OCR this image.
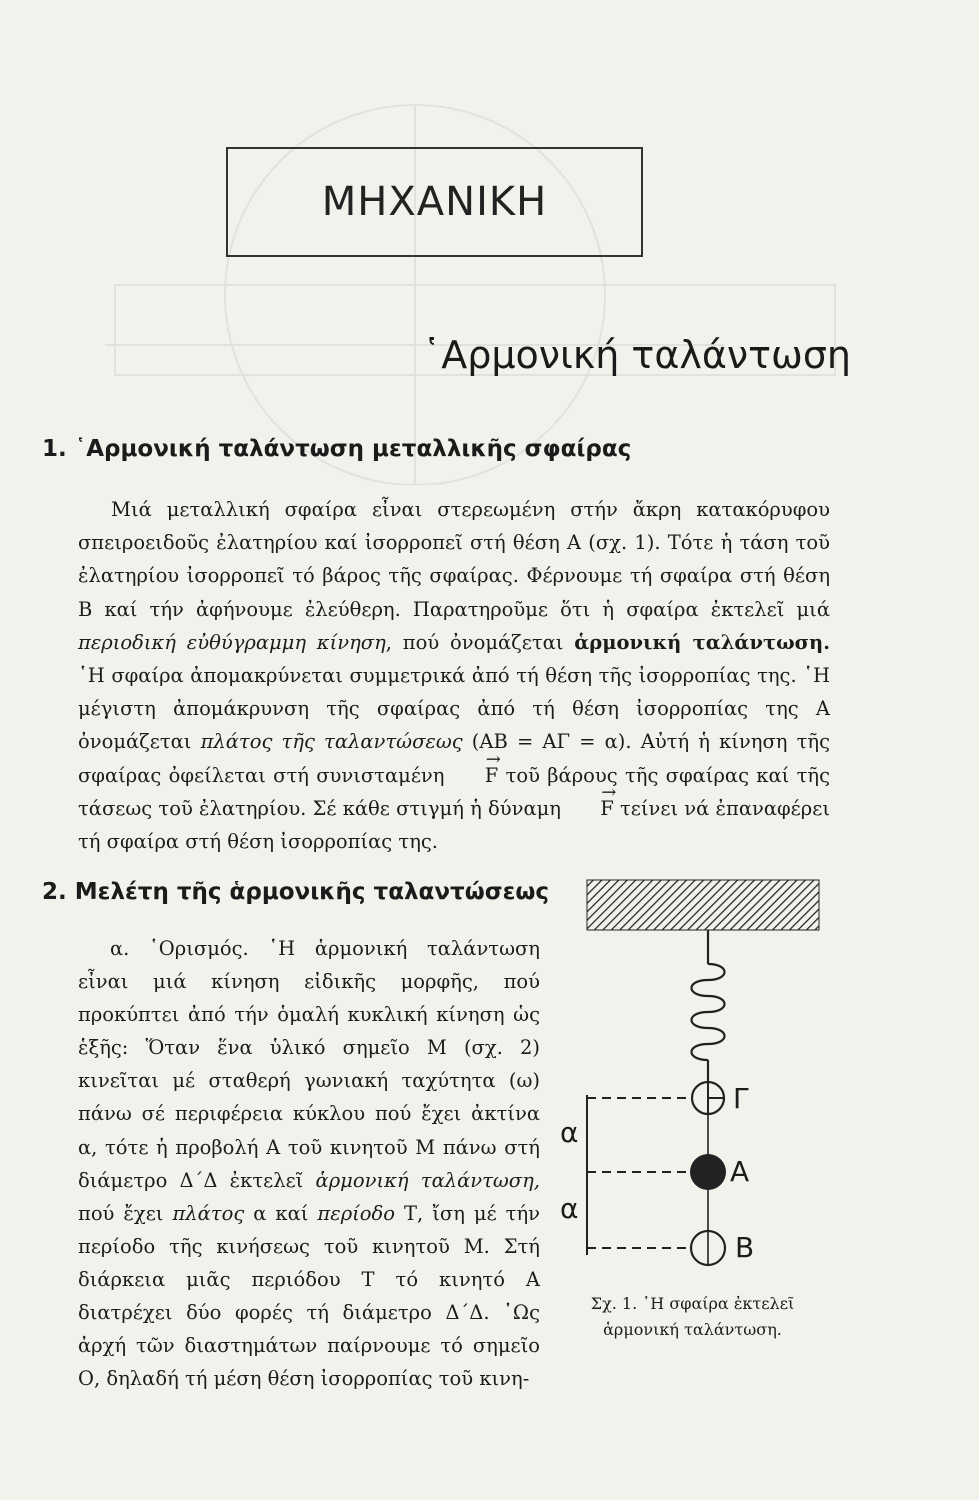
ΜΗΧΑΝΙΚΗ
῾Αρμονική ταλάντωση
1. ῾Αρμονική ταλάντωση μεταλλικῆς σφαίρας

Μιά μεταλλική σφαίρα εἶναι στερεωμένη στήν ἄκρη κατακόρυφου σπειροειδοῦς ἐλατηρίου καί ἰσορροπεῖ στή θέση Α (σχ. 1). Τότε ἡ τάση τοῦ ἐλατηρίου ἰσορροπεῖ τό βάρος τῆς σφαίρας. Φέρνουμε τή σφαίρα στή θέση Β καί τήν ἀφήνουμε ἐλεύθερη. Παρατηροῦμε ὅτι ἡ σφαίρα ἐκτελεῖ μιά περιοδική εὐθύγραμμη κίνηση, πού ὀνομάζεται ἁρμονική ταλάντωση. ῾Η σφαίρα ἀπομακρύνεται συμμετρικά ἀπό τή θέση τῆς ἰσορροπίας της. ῾Η μέγιστη ἀπομάκρυνση τῆς σφαίρας ἀπό τή θέση ἰσορροπίας της Α ὀνομάζεται πλάτος τῆς ταλαντώσεως (ΑΒ = ΑΓ = α). Αὐτή ἡ κίνηση τῆς σφαίρας ὀφείλεται στή συνισταμένη → F τοῦ βάρους τῆς σφαίρας καί τῆς τάσεως τοῦ ἐλατηρίου. Σέ κάθε στιγμή ἡ δύναμη → F τείνει νά ἐπαναφέρει τή σφαίρα στή θέση ἰσορροπίας της.

2. Μελέτη τῆς ἁρμονικῆς ταλαντώσεως

α. ῾Ορισμός. ῾Η ἁρμονική ταλάντωση εἶναι μιά κίνηση εἰδικῆς μορφῆς, πού προκύπτει ἀπό τήν ὁμαλή κυκλική κίνηση ὡς ἑξῆς: Ὅταν ἕνα ὑλικό σημεῖο Μ (σχ. 2) κινεῖται μέ σταθερή γωνιακή ταχύτητα (ω) πάνω σέ περιφέρεια κύκλου πού ἔχει ἀκτίνα α, τότε ἡ προβολή Α τοῦ κινητοῦ Μ πάνω στή διάμετρο Δ΄Δ ἐκτελεῖ ἁρμονική ταλάντωση, πού ἔχει πλάτος α καί περίοδο Τ, ἴση μέ τήν περίοδο τῆς κινήσεως τοῦ κινητοῦ Μ. Στή διάρκεια μιᾶς περιόδου Τ τό κινητό Α διατρέχει δύο φορές τή διάμετρο Δ΄Δ. ῾Ως ἀρχή τῶν διαστημάτων παίρνουμε τό σημεῖο Ο, δηλαδή τή μέση θέση ἰσορροπίας τοῦ κινη-

Γ
Α
Β
α
α
Σχ. 1. ῾Η σφαίρα ἐκτελεῖ ἁρμονική ταλάντωση.
